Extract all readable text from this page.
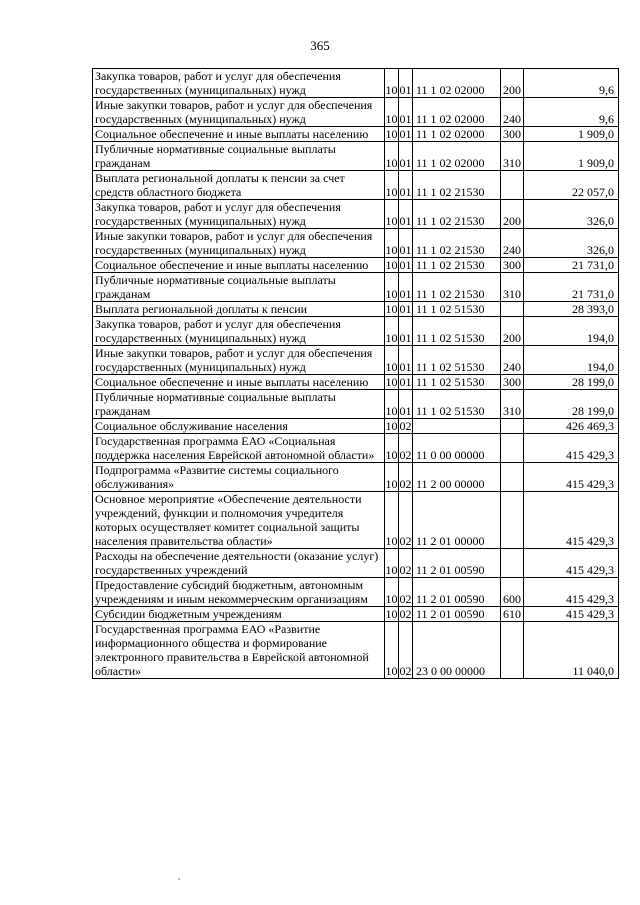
365
Закупка товаров, работ и услуг для обеспечения государственных (муниципальных) нужд	10	01	11 1 02 02000	200	9,6
Иные закупки товаров, работ и услуг для обеспечения государственных (муниципальных) нужд	10	01	11 1 02 02000	240	9,6
Социальное обеспечение и иные выплаты населению	10	01	11 1 02 02000	300	1 909,0
Публичные нормативные социальные выплаты гражданам	10	01	11 1 02 02000	310	1 909,0
Выплата региональной доплаты к пенсии за счет средств областного бюджета	10	01	11 1 02 21530		22 057,0
Закупка товаров, работ и услуг для обеспечения государственных (муниципальных) нужд	10	01	11 1 02 21530	200	326,0
Иные закупки товаров, работ и услуг для обеспечения государственных (муниципальных) нужд	10	01	11 1 02 21530	240	326,0
Социальное обеспечение и иные выплаты населению	10	01	11 1 02 21530	300	21 731,0
Публичные нормативные социальные выплаты гражданам	10	01	11 1 02 21530	310	21 731,0
Выплата региональной доплаты к пенсии	10	01	11 1 02 51530		28 393,0
Закупка товаров, работ и услуг для обеспечения государственных (муниципальных) нужд	10	01	11 1 02 51530	200	194,0
Иные закупки товаров, работ и услуг для обеспечения государственных (муниципальных) нужд	10	01	11 1 02 51530	240	194,0
Социальное обеспечение и иные выплаты населению	10	01	11 1 02 51530	300	28 199,0
Публичные нормативные социальные выплаты гражданам	10	01	11 1 02 51530	310	28 199,0
Социальное обслуживание населения	10	02			426 469,3
Государственная программа ЕАО «Социальная поддержка населения Еврейской автономной области»	10	02	11 0 00 00000		415 429,3
Подпрограмма «Развитие системы социального обслуживания»	10	02	11 2 00 00000		415 429,3
Основное мероприятие «Обеспечение деятельности учреждений, функции и полномочия учредителя которых осуществляет комитет социальной защиты населения правительства области»	10	02	11 2 01 00000		415 429,3
Расходы на обеспечение деятельности (оказание услуг) государственных учреждений	10	02	11 2 01 00590		415 429,3
Предоставление субсидий бюджетным, автономным учреждениям и иным некоммерческим организациям	10	02	11 2 01 00590	600	415 429,3
Субсидии бюджетным учреждениям	10	02	11 2 01 00590	610	415 429,3
Государственная программа ЕАО «Развитие информационного общества и формирование электронного правительства в Еврейской автономной области»	10	02	23 0 00 00000		11 040,0
